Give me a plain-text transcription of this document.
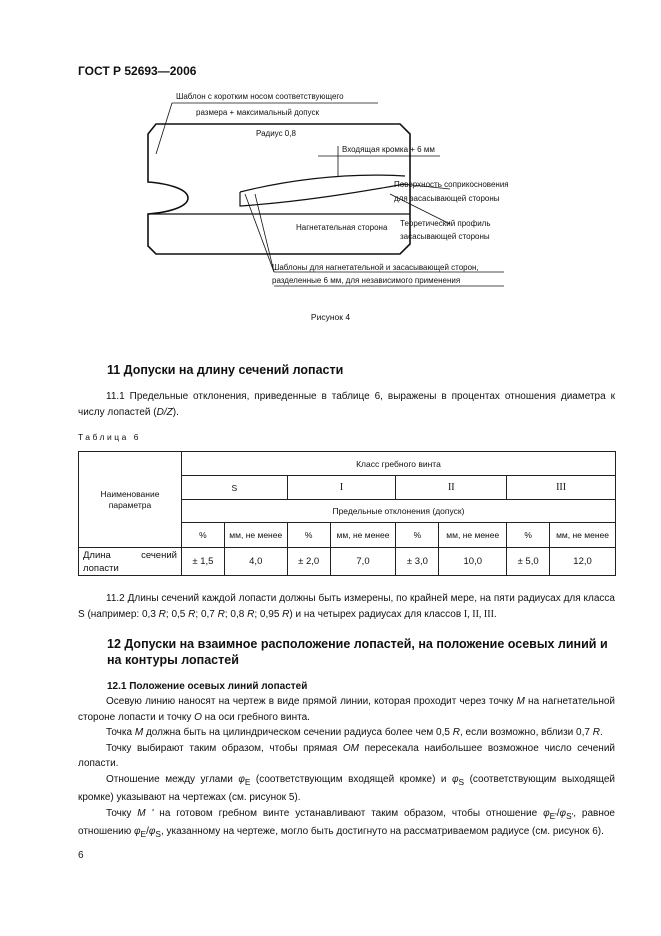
ГОСТ Р 52693—2006
Шаблон с коротким носом соответствующего
размера + максимальный допуск
Радиус 0,8
Входящая кромка + 6 мм
Поверхность соприкосновения
для засасывающей стороны
Теоретический профиль
засасывающей стороны
Нагнетательная сторона
Шаблоны для нагнетательной и засасывающей сторон,
разделенные 6 мм, для независимого применения
Рисунок 4
11 Допуски на длину сечений лопасти

11.1 Предельные отклонения, приведенные в таблице 6, выражены в процентах отношения диаметра к числу лопастей (D/Z).

Таблица 6
Наименование параметра	Класс гребного винта							
	S		I		II		III	
	Предельные отклонения (допуск)							
	%	мм, не менее	%	мм, не менее	%	мм, не менее	%	мм, не менее
Длина сечений лопасти	± 1,5	4,0	± 2,0	7,0	± 3,0	10,0	± 5,0	12,0

11.2 Длины сечений каждой лопасти должны быть измерены, по крайней мере, на пяти радиусах для класса S (например: 0,3 R; 0,5 R; 0,7 R; 0,8 R; 0,95 R) и на четырех радиусах для классов I, II, III.

12 Допуски на взаимное расположение лопастей, на положение осевых линий и на контуры лопастей
12.1 Положение осевых линий лопастей

Осевую линию наносят на чертеж в виде прямой линии, которая проходит через точку М на нагнетательной стороне лопасти и точку О на оси гребного винта.

Точка М должна быть на цилиндрическом сечении радиуса более чем 0,5 R, если возможно, вблизи 0,7 R.

Точку выбирают таким образом, чтобы прямая ОМ пересекала наибольшее возможное число сечений лопасти.

Отношение между углами $\varphi_E$ (соответствующим входящей кромке) и $\varphi_S$ (соответствующим выходящей кромке) указывают на чертежах (см. рисунок 5).

Точку М ' на готовом гребном винте устанавливают таким образом, чтобы отношение $\varphi_{E'}/\varphi_{S'}$, равное отношению $\varphi_E/\varphi_S$, указанному на чертеже, могло быть достигнуто на рассматриваемом радиусе (см. рисунок 6).

6
